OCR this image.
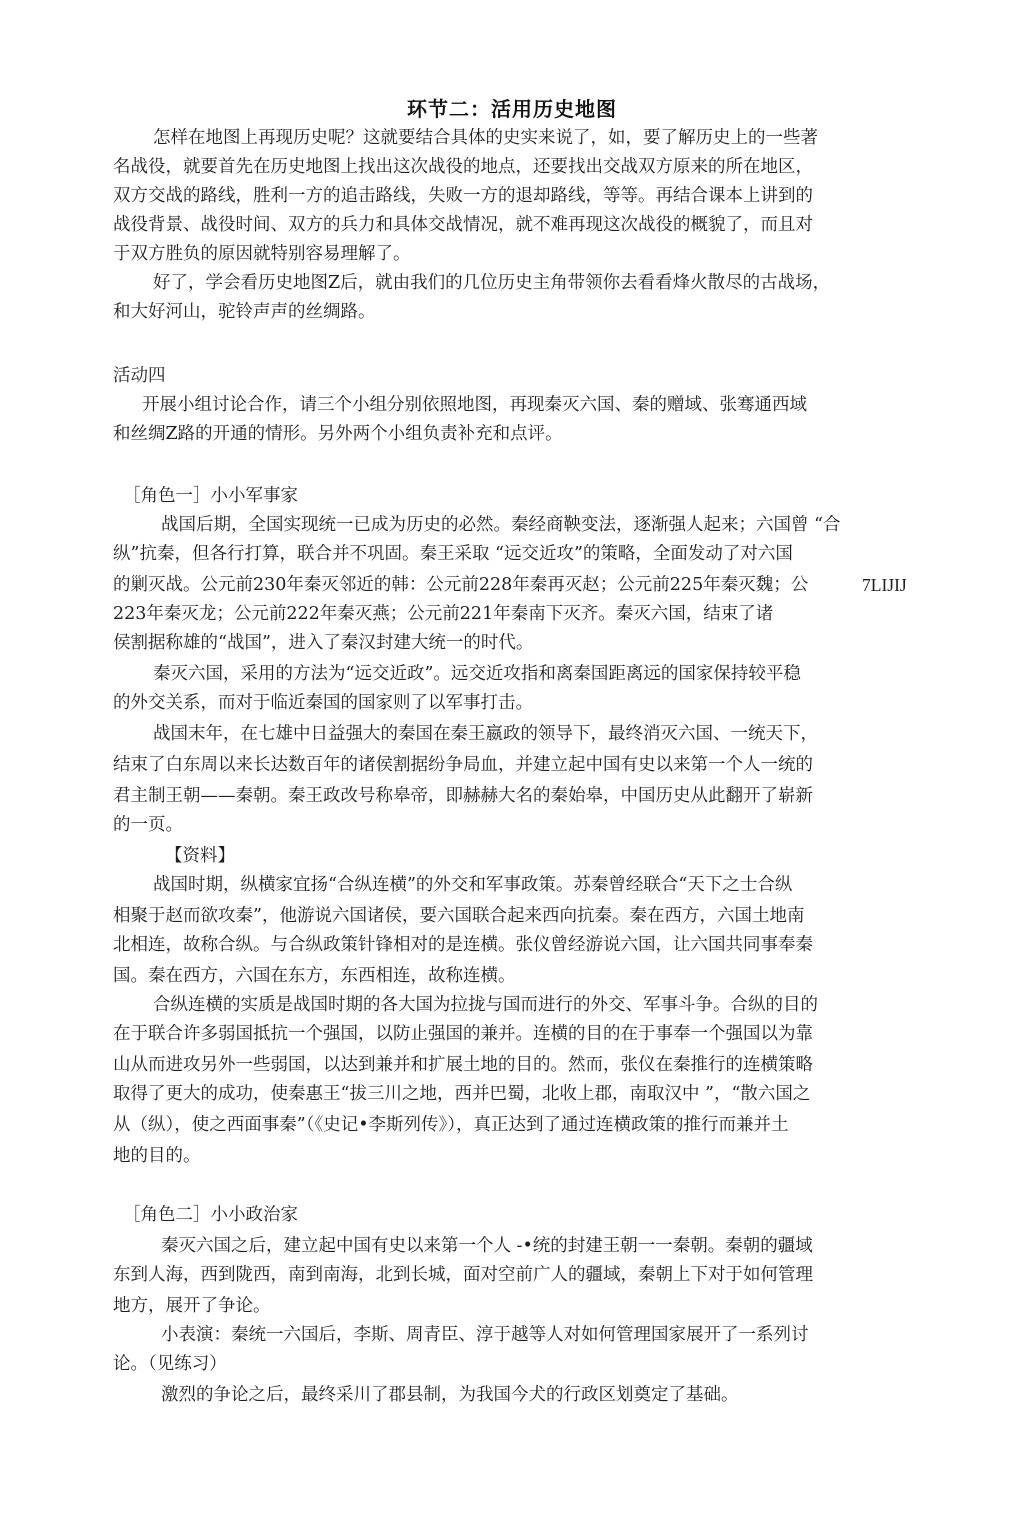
环节二：活用历史地图
怎样在地图上再现历史呢？这就要结合具体的史实来说了，如，要了解历史上的一些著
名战役，就要首先在历史地图上找出这次战役的地点，还要找出交战双方原来的所在地区，
双方交战的路线，胜利一方的追击路线，失败一方的退却路线，等等。再结合课本上讲到的
战役背景、战役时间、双方的兵力和具体交战情况，就不难再现这次战役的概貌了，而且对
于双方胜负的原因就特别容易理解了。
好了，学会看历史地图Z后，就由我们的几位历史主角带领你去看看烽火散尽的古战场，
和大好河山，驼铃声声的丝绸路。
活动四
开展小组讨论合作，请三个小组分别依照地图，再现秦灭六国、秦的赠域、张骞通西域
和丝绸Z路的开通的情形。另外两个小组负责补充和点评。
［角色一］小小军事家
战国后期，全国实现统一已成为历史的必然。秦经商鞅变法，逐渐强人起来；六国曾 “合
纵”抗秦，但各行打算，联合并不巩固。秦王采取 “远交近攻”的策略，全面发动了对六国
的剿灭战。公元前230年秦灭邻近的韩：公元前228年秦再灭赵；公元前225年秦灭魏；公	7LIJIJ
223年秦灭龙；公元前222年秦灭燕；公元前221年秦南下灭齐。秦灭六国，结束了诸
侯割据称雄的“战国”，进入了秦汉封建大统一的时代。
秦灭六国，采用的方法为“远交近政”。远交近攻指和离秦国距离远的国家保持较平稳
的外交关系，而对于临近秦国的国家则了以军事打击。
战国末年，在七雄中日益强大的秦国在秦王嬴政的领导下，最终消灭六国、一统天下，
结束了白东周以来长达数百年的诸侯割据纷争局血，并建立起中国有史以来第一个人一统的
君主制王朝——秦朝。秦王政改号称皋帝，即赫赫大名的秦始皋，中国历史从此翻开了崭新
的一页。
【资料】
战国时期，纵横家宜扬“合纵连横”的外交和军事政策。苏秦曾经联合“天下之士合纵
相聚于赵而欲攻秦”，他游说六国诸侯，要六国联合起来西向抗秦。秦在西方，六国土地南
北相连，故称合纵。与合纵政策针锋相对的是连横。张仪曾经游说六国，让六国共同事奉秦
国。秦在西方，六国在东方，东西相连，故称连横。
合纵连横的实质是战国时期的各大国为拉拢与国而进行的外交、军事斗争。合纵的目的
在于联合许多弱国抵抗一个强国，以防止强国的兼并。连横的目的在于事奉一个强国以为靠
山从而进攻另外一些弱国，以达到兼并和扩展土地的目的。然而，张仪在秦推行的连横策略
取得了更大的成功，使秦惠王“拔三川之地，西并巴蜀，北收上郡，南取汉中 ”，“散六国之
从（纵），使之西面事秦”（《史记•李斯列传》），真正达到了通过连横政策的推行而兼并土
地的目的。
［角色二］小小政治家
秦灭六国之后，建立起中国有史以来第一个人 -•统的封建王朝一一秦朝。秦朝的疆域
东到人海，西到陇西，南到南海，北到长城，面对空前广人的疆域，秦朝上下对于如何管理
地方，展开了争论。
小表演：秦统一六国后，李斯、周青臣、淳于越等人对如何管理国家展开了一系列讨
论。（见练习）
激烈的争论之后，最终采川了郡县制，为我国今犬的行政区划奠定了基础。
